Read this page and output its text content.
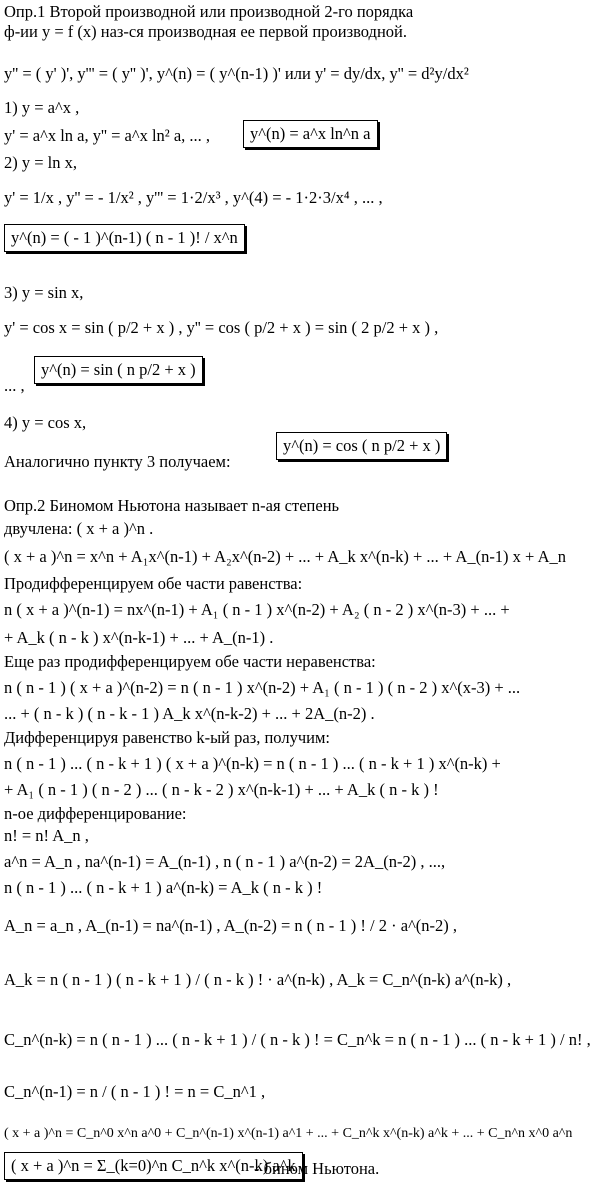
Опр.1 Второй производной или производной 2-го порядка
ф-ии y = f (x) наз-ся производная ее первой производной.
y'' = ( y' )', y''' = ( y'' )', y^(n) = ( y^(n-1) )' или y' = dy/dx, y'' = d²y/dx²
1) y = a^x ,
y' = a^x ln a, y'' = a^x ln² a, ... ,	y^(n) = a^x ln^n a
2) y = ln x,
y' = 1/x , y'' = - 1/x² , y''' = 1·2/x³ , y^(4) = - 1·2·3/x⁴ , ... ,
y^(n) = ( - 1 )^(n-1) ( n - 1 )! / x^n
3) y = sin x,
y' = cos x = sin ( p/2 + x ) , y'' = cos ( p/2 + x ) = sin ( 2 p/2 + x ) ,
... ,
y^(n) = sin ( n p/2 + x )
4) y = cos x,
Аналогично пункту 3 получаем:
y^(n) = cos ( n p/2 + x )
Опр.2 Биномом Ньютона называет n-ая степень
двучлена: ( x + a )^n .
( x + a )^n = x^n + A₁x^(n-1) + A₂x^(n-2) + ... + A_k x^(n-k) + ... + A_(n-1) x + A_n
Продифференцируем обе части равенства:
n ( x + a )^(n-1) = nx^(n-1) + A₁ ( n - 1 ) x^(n-2) + A₂ ( n - 2 ) x^(n-3) + ... +
+ A_k ( n - k ) x^(n-k-1) + ... + A_(n-1) .
Еще раз продифференцируем обе части неравенства:
n ( n - 1 ) ( x + a )^(n-2) = n ( n - 1 ) x^(n-2) + A₁ ( n - 1 ) ( n - 2 ) x^(x-3) + ...
... + ( n - k ) ( n - k - 1 ) A_k x^(n-k-2) + ... + 2A_(n-2) .
Дифференцируя равенство k-ый раз, получим:
n ( n - 1 ) ... ( n - k + 1 ) ( x + a )^(n-k) = n ( n - 1 ) ... ( n - k + 1 ) x^(n-k) +
+ A₁ ( n - 1 ) ( n - 2 ) ... ( n - k - 2 ) x^(n-k-1) + ... + A_k ( n - k ) !
n-ое дифференцирование:
n! = n! A_n ,
a^n = A_n , na^(n-1) = A_(n-1) , n ( n - 1 ) a^(n-2) = 2A_(n-2) , ...,
n ( n - 1 ) ... ( n - k + 1 ) a^(n-k) = A_k ( n - k ) !
A_n = a_n , A_(n-1) = na^(n-1) , A_(n-2) = n ( n - 1 ) ! / 2 · a^(n-2) ,
A_k = n ( n - 1 ) ( n - k + 1 ) / ( n - k ) ! · a^(n-k) , A_k = C_n^(n-k) a^(n-k) ,
C_n^(n-k) = n ( n - 1 ) ... ( n - k + 1 ) / ( n - k ) ! = C_n^k = n ( n - 1 ) ... ( n - k + 1 ) / n! ,
C_n^(n-1) = n / ( n - 1 ) ! = n = C_n^1 ,
( x + a )^n = C_n^0 x^n a^0 + C_n^(n-1) x^(n-1) a^1 + ... + C_n^k x^(n-k) a^k + ... + C_n^n x^0 a^n
( x + a )^n = Σ_(k=0)^n C_n^k x^(n-k) a^k
- бином Ньютона.
